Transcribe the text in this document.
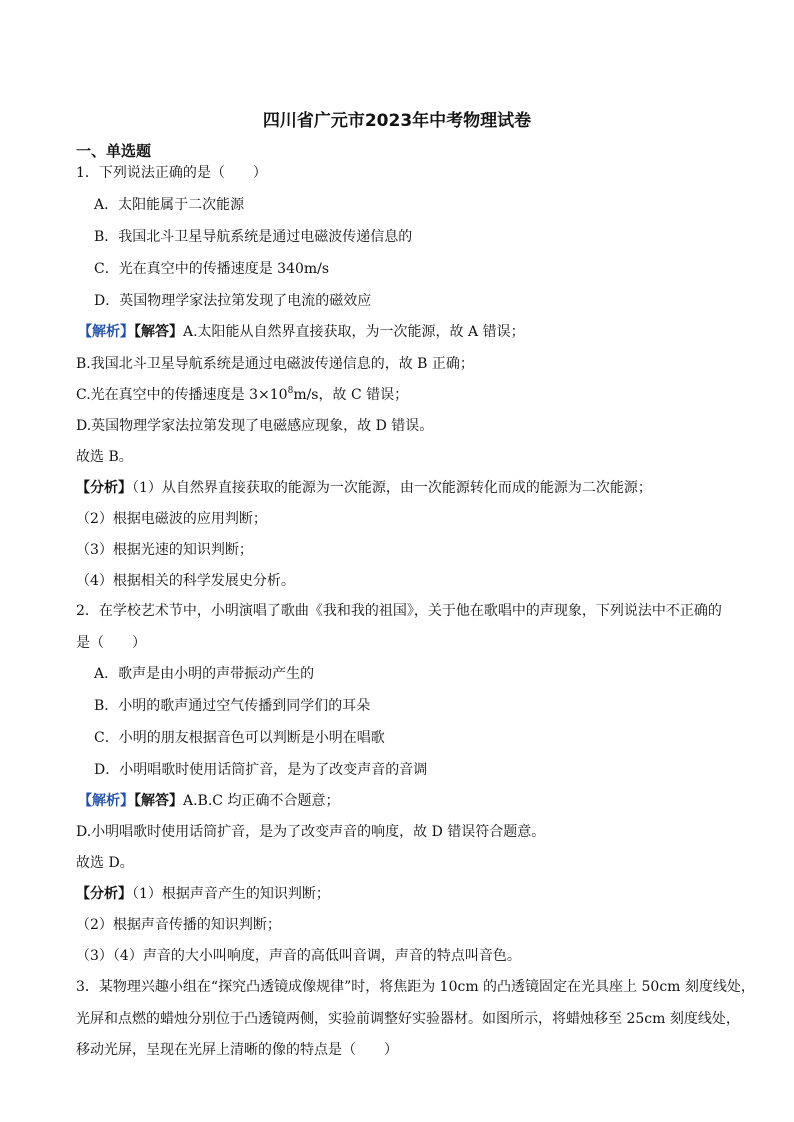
四川省广元市2023年中考物理试卷
一、单选题
1．下列说法正确的是（　　）
A．太阳能属于二次能源
B．我国北斗卫星导航系统是通过电磁波传递信息的
C．光在真空中的传播速度是 340m/s
D．英国物理学家法拉第发现了电流的磁效应
【解析】【解答】A.太阳能从自然界直接获取，为一次能源，故 A 错误；
B.我国北斗卫星导航系统是通过电磁波传递信息的，故 B 正确；
C.光在真空中的传播速度是 $3\times 10^8m/s$，故 C 错误；
D.英国物理学家法拉第发现了电磁感应现象，故 D 错误。
故选 B。
【分析】（1）从自然界直接获取的能源为一次能源，由一次能源转化而成的能源为二次能源；
（2）根据电磁波的应用判断；
（3）根据光速的知识判断；
（4）根据相关的科学发展史分析。
2．在学校艺术节中，小明演唱了歌曲《我和我的祖国》，关于他在歌唱中的声现象，下列说法中不正确的
是（　　）
A．歌声是由小明的声带振动产生的
B．小明的歌声通过空气传播到同学们的耳朵
C．小明的朋友根据音色可以判断是小明在唱歌
D．小明唱歌时使用话筒扩音，是为了改变声音的音调
【解析】【解答】A.B.C 均正确不合题意；
D.小明唱歌时使用话筒扩音，是为了改变声音的响度，故 D 错误符合题意。
故选 D。
【分析】（1）根据声音产生的知识判断；
（2）根据声音传播的知识判断；
（3）（4）声音的大小叫响度，声音的高低叫音调，声音的特点叫音色。
3．某物理兴趣小组在“探究凸透镜成像规律”时，将焦距为 10cm 的凸透镜固定在光具座上 50cm 刻度线处，
光屏和点燃的蜡烛分别位于凸透镜两侧，实验前调整好实验器材。如图所示，将蜡烛移至 25cm 刻度线处，
移动光屏，呈现在光屏上清晰的像的特点是（　　）
